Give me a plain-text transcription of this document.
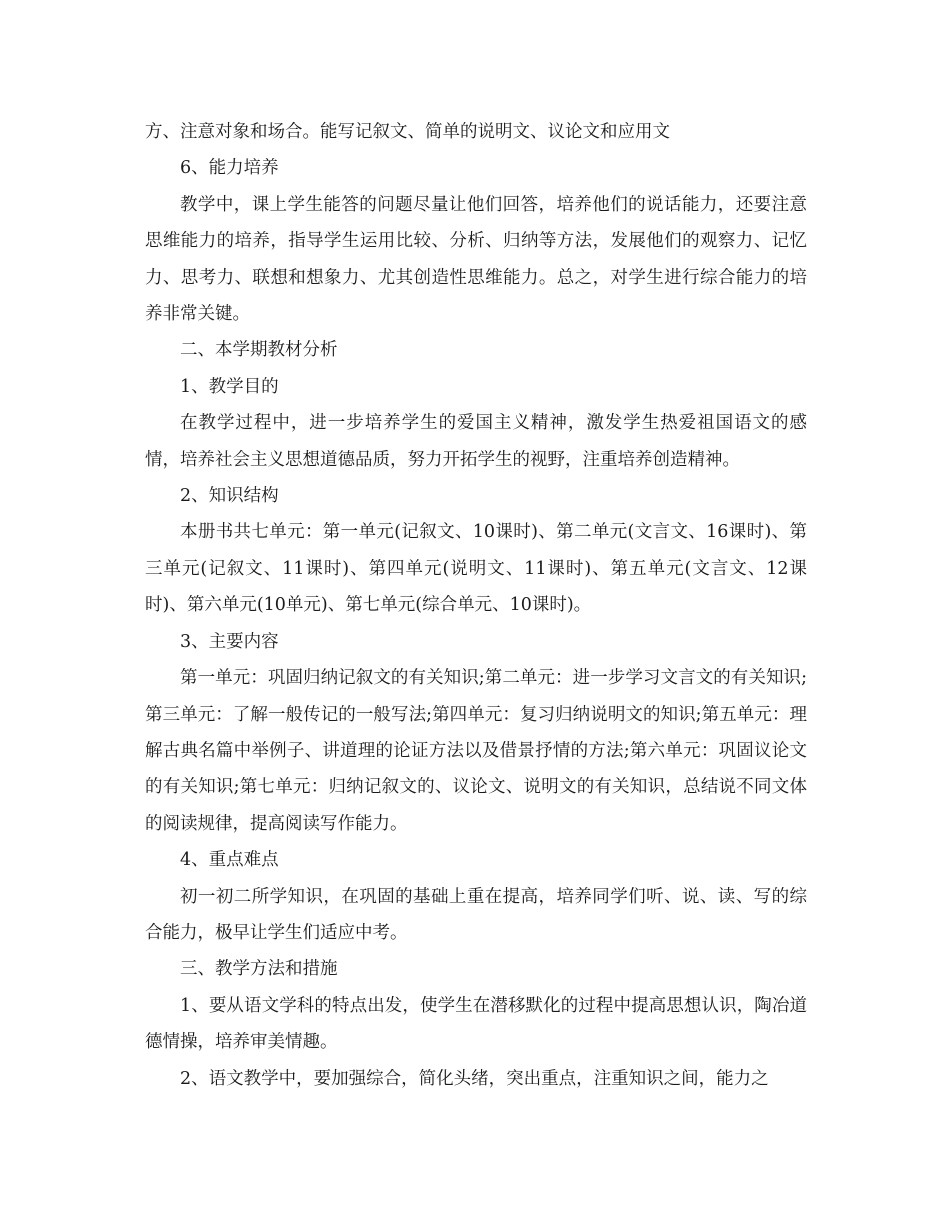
方、注意对象和场合。能写记叙文、简单的说明文、议论文和应用文

6、能力培养

教学中，课上学生能答的问题尽量让他们回答，培养他们的说话能力，还要注意思维能力的培养，指导学生运用比较、分析、归纳等方法，发展他们的观察力、记忆力、思考力、联想和想象力、尤其创造性思维能力。总之，对学生进行综合能力的培养非常关键。

二、本学期教材分析

1、教学目的

在教学过程中，进一步培养学生的爱国主义精神，激发学生热爱祖国语文的感情，培养社会主义思想道德品质，努力开拓学生的视野，注重培养创造精神。

2、知识结构

本册书共七单元：第一单元(记叙文、10课时)、第二单元(文言文、16课时)、第三单元(记叙文、11课时)、第四单元(说明文、11课时)、第五单元(文言文、12课时)、第六单元(10单元)、第七单元(综合单元、10课时)。

3、主要内容

第一单元：巩固归纳记叙文的有关知识;第二单元：进一步学习文言文的有关知识;第三单元：了解一般传记的一般写法;第四单元：复习归纳说明文的知识;第五单元：理解古典名篇中举例子、讲道理的论证方法以及借景抒情的方法;第六单元：巩固议论文的有关知识;第七单元：归纳记叙文的、议论文、说明文的有关知识，总结说不同文体的阅读规律，提高阅读写作能力。

4、重点难点

初一初二所学知识，在巩固的基础上重在提高，培养同学们听、说、读、写的综合能力，极早让学生们适应中考。

三、教学方法和措施

1、要从语文学科的特点出发，使学生在潜移默化的过程中提高思想认识，陶冶道德情操，培养审美情趣。

2、语文教学中，要加强综合，简化头绪，突出重点，注重知识之间，能力之
